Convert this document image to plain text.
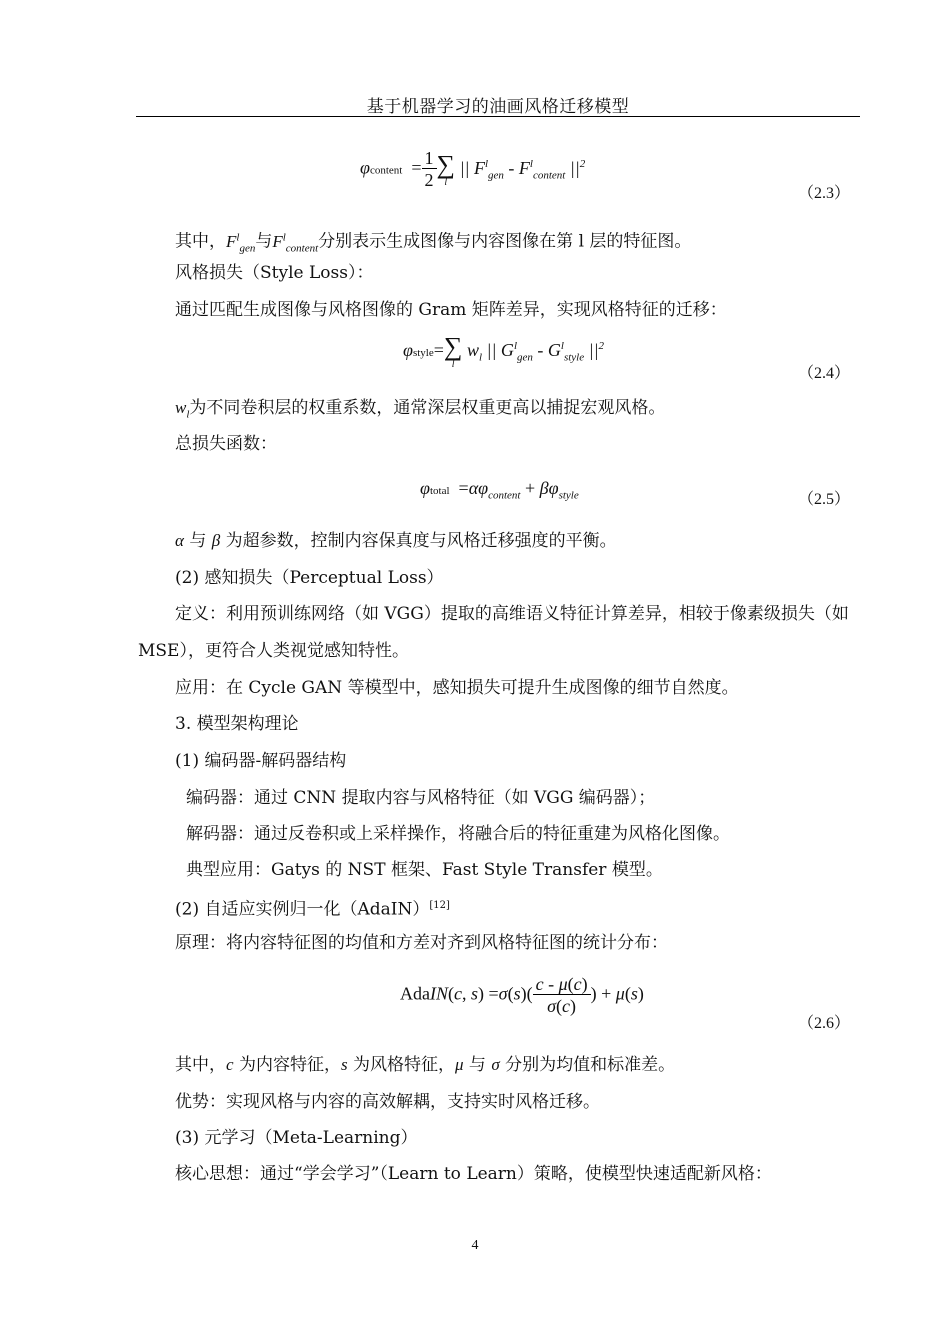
基于机器学习的油画风格迁移模型
φcontent  = $\frac{1}{2}$ ∑
l
|| $F^l_{gen} - F^l_{content}$ $||^2$
（2.3）
其中，$F^l_{gen}$与$F^l_{content}$分别表示生成图像与内容图像在第 l 层的特征图。
风格损失（Style Loss）：
通过匹配生成图像与风格图像的 Gram 矩阵差异，实现风格特征的迁移：
φstyle=∑
l
$w_l$ || $G^l_{gen} - G^l_{style}$ $||^2$
（2.4）
$w_l$为不同卷积层的权重系数，通常深层权重更高以捕捉宏观风格。
总损失函数：
φtotal  $=\alpha\varphi_{content} + \beta\varphi_{style}$	（2.5）
α 与 β 为超参数，控制内容保真度与风格迁移强度的平衡。
(2) 感知损失（Perceptual Loss）
定义：利用预训练网络（如 VGG）提取的高维语义特征计算差异，相较于像素级损失（如 MSE），更符合人类视觉感知特性。
应用：在 Cycle GAN 等模型中，感知损失可提升生成图像的细节自然度。
3. 模型架构理论
(1) 编码器-解码器结构
编码器：通过 CNN 提取内容与风格特征（如 VGG 编码器）；
解码器：通过反卷积或上采样操作，将融合后的特征重建为风格化图像。
典型应用：Gatys 的 NST 框架、Fast Style Transfer 模型。
(2) 自适应实例归一化（AdaIN）[12]
原理：将内容特征图的均值和方差对齐到风格特征图的统计分布：
AdaIN(c, $s) =\sigma(s)( \frac{c - \mu(c)}{\sigma(c)}$ ) + μ(s)
（2.6）
其中，c 为内容特征，s 为风格特征，μ 与 σ 分别为均值和标准差。
优势：实现风格与内容的高效解耦，支持实时风格迁移。
(3) 元学习（Meta-Learning）
核心思想：通过“学会学习”（Learn to Learn）策略，使模型快速适配新风格：
4
